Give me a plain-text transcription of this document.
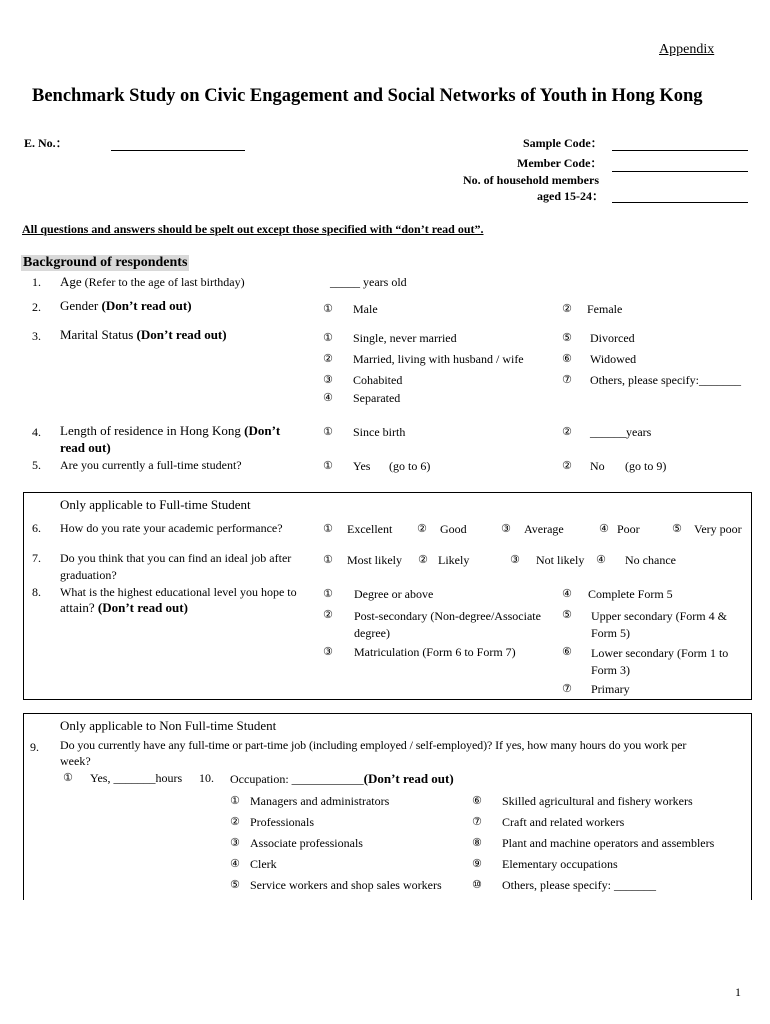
Appendix
Benchmark Study on Civic Engagement and Social Networks of Youth in Hong Kong
E. No.：	Sample Code：
Member Code：
No. of household members
aged 15-24：
All questions and answers should be spelt out except those specified with “don’t read out”.
Background of respondents
1. Age (Refer to the age of last birthday)	_____ years old
2. Gender (Don’t read out)	① Male	② Female
3. Marital Status (Don’t read out)	① Single, never married
② Married, living with husband / wife
③ Cohabited
④ Separated
⑤ Divorced
⑥ Widowed
⑦ Others, please specify:_______
4. Length of residence in Hong Kong (Don’t
read out)
① Since birth	② ______years
5. Are you currently a full-time student?	① Yes (go to 6)	② No (go to 9)
Only applicable to Full-time Student
6. How do you rate your academic performance?	① Excellent ② Good	③ Average	④ Poor	⑤ Very poor
7. Do you think that you can find an ideal job after
graduation?
① Most likely ② Likely	③ Not likely ④ No chance
8. What is the highest educational level you hope to
attain? (Don’t read out)
① Degree or above
② Post-secondary (Non-degree/Associate degree)
③ Matriculation (Form 6 to Form 7)
④ Complete Form 5
⑤ Upper secondary (Form 4 & Form 5)
⑥ Lower secondary (Form 1 to Form 3)
⑦ Primary
Only applicable to Non Full-time Student
9. Do you currently have any full-time or part-time job (including employed / self-employed)? If yes, how many hours do you work per
week?
① Yes, _______hours 10. Occupation: ____________(Don’t read out)
① Managers and administrators
② Professionals
③ Associate professionals
④ Clerk
⑤ Service workers and shop sales workers
⑥ Skilled agricultural and fishery workers
⑦ Craft and related workers
⑧ Plant and machine operators and assemblers
⑨ Elementary occupations
⑩ Others, please specify: _______
1
